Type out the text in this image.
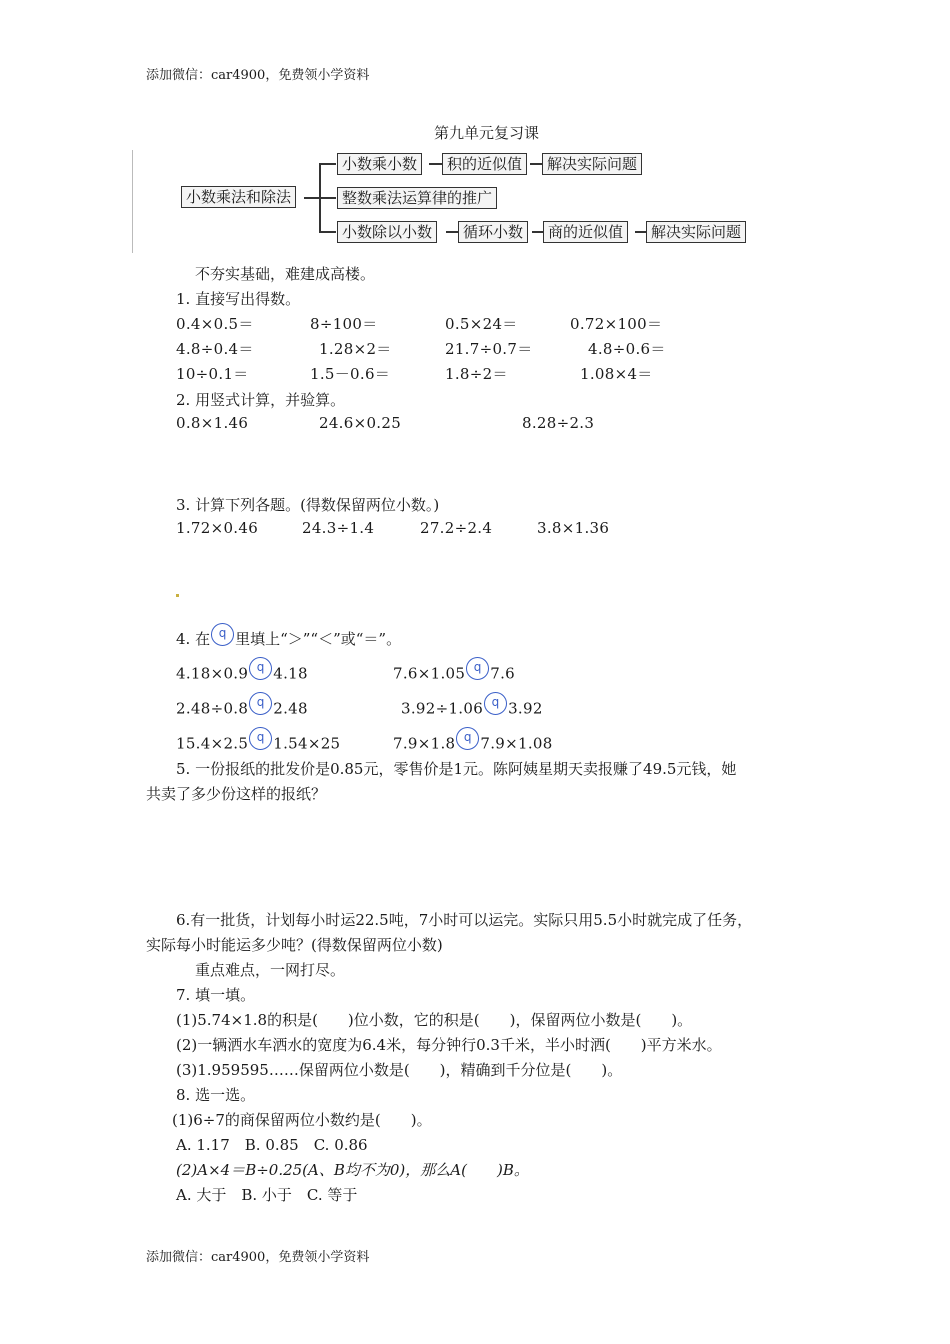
添加微信：car4900，免费领小学资料
第九单元复习课
小数乘法和除法
小数乘小数	积的近似值	解决实际问题
整数乘法运算律的推广
小数除以小数	循环小数	商的近似值	解决实际问题
不夯实基础，难建成高楼。
1. 直接写出得数。
0.4×0.5＝	8÷100＝	0.5×24＝	0.72×100＝
4.8÷0.4＝	1.28×2＝	21.7÷0.7＝	4.8÷0.6＝
10÷0.1＝	1.5－0.6＝	1.8÷2＝	1.08×4＝
2. 用竖式计算，并验算。
0.8×1.46	24.6×0.25	8.28÷2.3
3. 计算下列各题。(得数保留两位小数。)
1.72×0.46	24.3÷1.4	27.2÷2.4	3.8×1.36
4. 在 q 里填上“＞”“＜”或“＝”。
4.18×0.9 q 4.18	7.6×1.05 q 7.6
2.48÷0.8 q 2.48	3.92÷1.06 q 3.92
15.4×2.5 q 1.54×25	7.9×1.8 q 7.9×1.08
5. 一份报纸的批发价是0.85元，零售价是1元。陈阿姨星期天卖报赚了49.5元钱，她
共卖了多少份这样的报纸？
6.有一批货，计划每小时运22.5吨，7小时可以运完。实际只用5.5小时就完成了任务，
实际每小时能运多少吨？(得数保留两位小数)
重点难点，一网打尽。
7. 填一填。
(1)5.74×1.8的积是(　　)位小数，它的积是(　　)，保留两位小数是(　　)。
(2)一辆洒水车洒水的宽度为6.4米，每分钟行0.3千米，半小时洒(　　)平方米水。
(3)1.959595……保留两位小数是(　　)，精确到千分位是(　　)。
8. 选一选。
(1)6÷7的商保留两位小数约是(　　)。
A. 1.17　B. 0.85　C. 0.86
(2)A×4＝B÷0.25(A、B均不为0)，那么A(　　)B。
A. 大于　B. 小于　C. 等于
添加微信：car4900，免费领小学资料
